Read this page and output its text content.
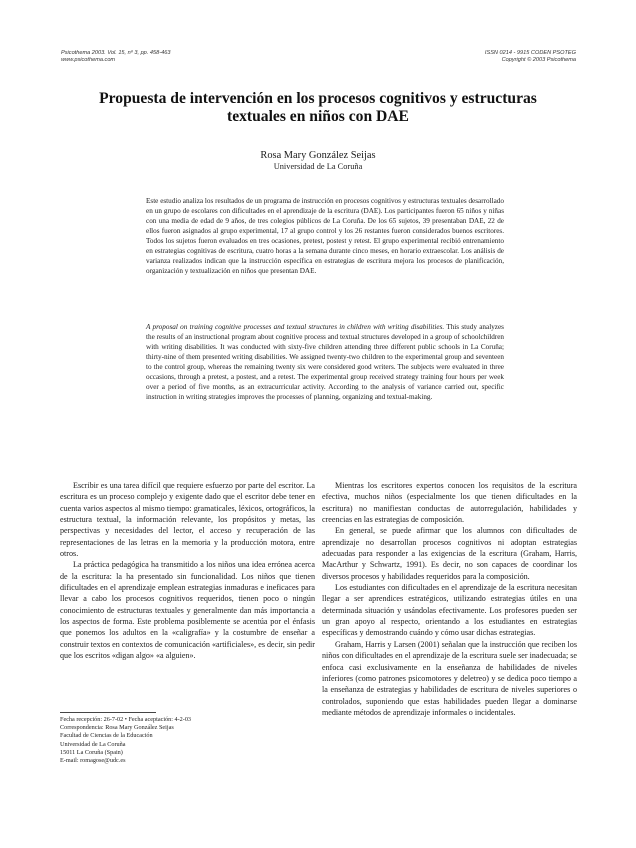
Psicothema 2003. Vol. 15, nº 3, pp. 458-463
www.psicothema.com
ISSN 0214 - 9915 CODEN PSOTEG
Copyright © 2003 Psicothema
Propuesta de intervención en los procesos cognitivos y estructuras
textuales en niños con DAE
Rosa Mary González Seijas
Universidad de La Coruña

Este estudio analiza los resultados de un programa de instrucción en procesos cognitivos y estructuras textuales desarrollado en un grupo de escolares con dificultades en el aprendizaje de la escritura (DAE). Los participantes fueron 65 niños y niñas con una media de edad de 9 años, de tres colegios públicos de La Coruña. De los 65 sujetos, 39 presentaban DAE, 22 de ellos fueron asignados al grupo experimental, 17 al grupo control y los 26 restantes fueron considerados buenos escritores. Todos los sujetos fueron evaluados en tres ocasiones, pretest, postest y retest. El grupo experimental recibió entrenamiento en estrategias cognitivas de escritura, cuatro horas a la semana durante cinco meses, en horario extraescolar. Los análisis de varianza realizados indican que la instrucción específica en estrategias de escritura mejora los procesos de planificación, organización y textualización en niños que presentan DAE.

A proposal on training cognitive processes and textual structures in children with writing disabilities. This study analyzes the results of an instructional program about cognitive process and textual structures developed in a group of schoolchildren with writing disabilities. It was conducted with sixty-five children attending three different public schools in La Coruña; thirty-nine of them presented writing disabilities. We assigned twenty-two children to the experimental group and seventeen to the control group, whereas the remaining twenty six were considered good writers. The subjects were evaluated in three occasions, through a pretest, a postest, and a retest. The experimental group received strategy training four hours per week over a period of five months, as an extracurricular activity. According to the analysis of variance carried out, specific instruction in writing strategies improves the processes of planning, organizing and textual-making.

Escribir es una tarea difícil que requiere esfuerzo por parte del escritor. La escritura es un proceso complejo y exigente dado que el escritor debe tener en cuenta varios aspectos al mismo tiempo: gramaticales, léxicos, ortográficos, la estructura textual, la información relevante, los propósitos y metas, las perspectivas y necesidades del lector, el acceso y recuperación de las representaciones de las letras en la memoria y la producción motora, entre otros.

La práctica pedagógica ha transmitido a los niños una idea errónea acerca de la escritura: la ha presentado sin funcionalidad. Los niños que tienen dificultades en el aprendizaje emplean estrategias inmaduras e ineficaces para llevar a cabo los procesos cognitivos requeridos, tienen poco o ningún conocimiento de estructuras textuales y generalmente dan más importancia a los aspectos de forma. Este problema posiblemente se acentúa por el énfasis que ponemos los adultos en la «caligrafía» y la costumbre de enseñar a construir textos en contextos de comunicación «artificiales», es decir, sin pedir que los escritos «digan algo» «a alguien».

Mientras los escritores expertos conocen los requisitos de la escritura efectiva, muchos niños (especialmente los que tienen dificultades en la escritura) no manifiestan conductas de autorregulación, habilidades y creencias en las estrategias de composición.

En general, se puede afirmar que los alumnos con dificultades de aprendizaje no desarrollan procesos cognitivos ni adoptan estrategias adecuadas para responder a las exigencias de la escritura (Graham, Harris, MacArthur y Schwartz, 1991). Es decir, no son capaces de coordinar los diversos procesos y habilidades requeridos para la composición.

Los estudiantes con dificultades en el aprendizaje de la escritura necesitan llegar a ser aprendices estratégicos, utilizando estrategias útiles en una determinada situación y usándolas efectivamente. Los profesores pueden ser un gran apoyo al respecto, orientando a los estudiantes en estrategias específicas y demostrando cuándo y cómo usar dichas estrategias.

Graham, Harris y Larsen (2001) señalan que la instrucción que reciben los niños con dificultades en el aprendizaje de la escritura suele ser inadecuada; se enfoca casi exclusivamente en la enseñanza de habilidades de niveles inferiores (como patrones psicomotores y deletreo) y se dedica poco tiempo a la enseñanza de estrategias y habilidades de escritura de niveles superiores o controlados, suponiendo que estas habilidades pueden llegar a dominarse mediante métodos de aprendizaje informales o incidentales.

Fecha recepción: 26-7-02 • Fecha aceptación: 4-2-03
Correspondencia: Rosa Mary González Seijas
Facultad de Ciencias de la Educación
Universidad de La Coruña
15011 La Coruña (Spain)
E-mail: romagose@udc.es
